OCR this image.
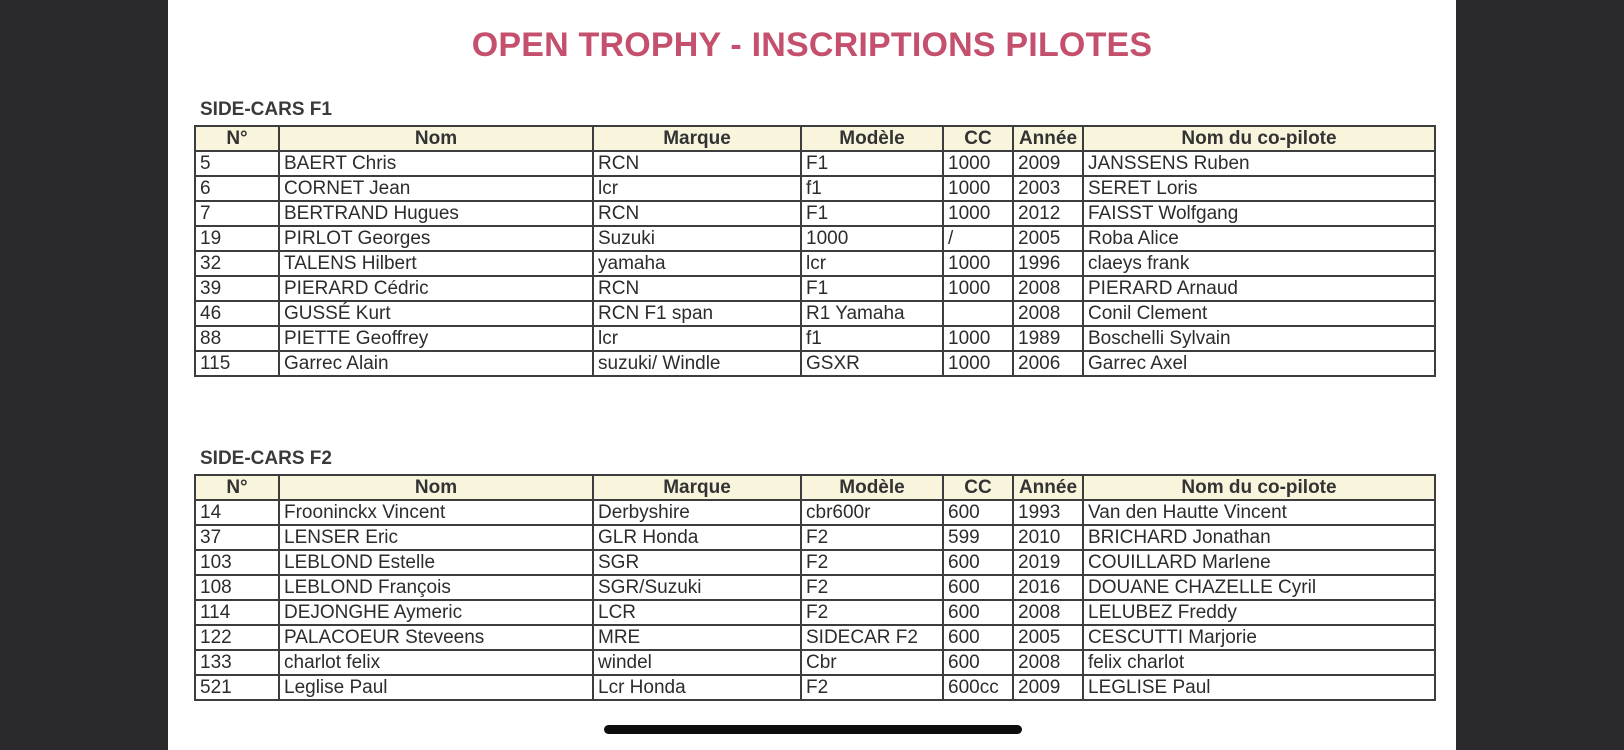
OPEN TROPHY - INSCRIPTIONS PILOTES
SIDE-CARS F1
N°	Nom	Marque	Modèle	CC	Année	Nom du co-pilote
5	BAERT Chris	RCN	F1	1000	2009	JANSSENS Ruben
6	CORNET Jean	lcr	f1	1000	2003	SERET Loris
7	BERTRAND Hugues	RCN	F1	1000	2012	FAISST Wolfgang
19	PIRLOT Georges	Suzuki	1000	/	2005	Roba Alice
32	TALENS Hilbert	yamaha	lcr	1000	1996	claeys frank
39	PIERARD Cédric	RCN	F1	1000	2008	PIERARD Arnaud
46	GUSSÉ Kurt	RCN F1 span	R1 Yamaha		2008	Conil Clement
88	PIETTE Geoffrey	lcr	f1	1000	1989	Boschelli Sylvain
115	Garrec Alain	suzuki/ Windle	GSXR	1000	2006	Garrec Axel
SIDE-CARS F2
N°	Nom	Marque	Modèle	CC	Année	Nom du co-pilote
14	Frooninckx Vincent	Derbyshire	cbr600r	600	1993	Van den Hautte Vincent
37	LENSER Eric	GLR Honda	F2	599	2010	BRICHARD Jonathan
103	LEBLOND Estelle	SGR	F2	600	2019	COUILLARD Marlene
108	LEBLOND François	SGR/Suzuki	F2	600	2016	DOUANE CHAZELLE Cyril
114	DEJONGHE Aymeric	LCR	F2	600	2008	LELUBEZ Freddy
122	PALACOEUR Steveens	MRE	SIDECAR F2	600	2005	CESCUTTI Marjorie
133	charlot felix	windel	Cbr	600	2008	felix charlot
521	Leglise Paul	Lcr Honda	F2	600cc	2009	LEGLISE Paul
